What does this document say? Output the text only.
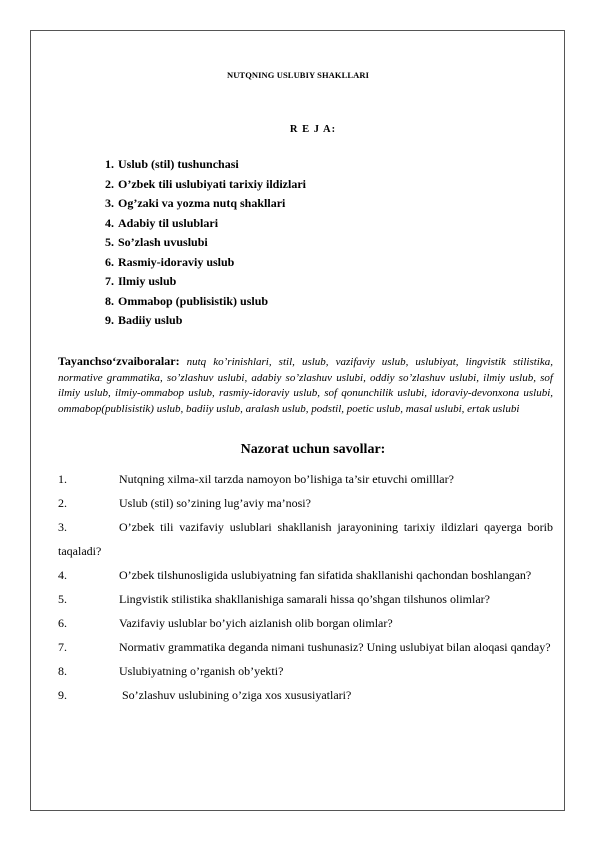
NUTQNING USLUBIY SHAKLLARI
R E J A:
1. Uslub (stil) tushunchasi
2. O’zbek tili uslubiyati tarixiy ildizlari
3. Og’zaki va yozma nutq shakllari
4. Adabiy til uslublari
5. So’zlash uvuslubi
6. Rasmiy-idoraviy uslub
7. Ilmiy uslub
8. Ommabop (publisistik) uslub
9. Badiiy uslub

Tayanchso‘zvaiboralar: nutq ko’rinishlari, stil, uslub, vazifaviy uslub, uslubiyat, lingvistik stilistika, normative grammatika, so’zlashuv uslubi, adabiy so’zlashuv uslubi, oddiy so’zlashuv uslubi, ilmiy uslub, sof ilmiy uslub, ilmiy-ommabop uslub, rasmiy-idoraviy uslub, sof qonunchilik uslubi, idoraviy-devonxona uslubi, ommabop(publisistik) uslub, badiiy uslub, aralash uslub, podstil, poetic uslub, masal uslubi, ertak uslubi

Nazorat uchun savollar:
1.	Nutqning xilma-xil tarzda namoyon bo’lishiga ta’sir etuvchi omilllar?
2.	Uslub (stil) so’zining lug’aviy ma’nosi?
3.	O’zbek tili vazifaviy uslublari shakllanish jarayonining tarixiy ildizlari qayerga borib taqaladi?
4.	O’zbek tilshunosligida uslubiyatning fan sifatida shakllanishi qachondan boshlangan?
5.	Lingvistik stilistika shakllanishiga samarali hissa qo’shgan tilshunos olimlar?
6.	Vazifaviy uslublar bo’yich aizlanish olib borgan olimlar?
7.	Normativ grammatika deganda nimani tushunasiz? Uning uslubiyat bilan aloqasi qanday?
8.	Uslubiyatning o’rganish ob’yekti?
9.	So’zlashuv uslubining o’ziga xos xususiyatlari?
